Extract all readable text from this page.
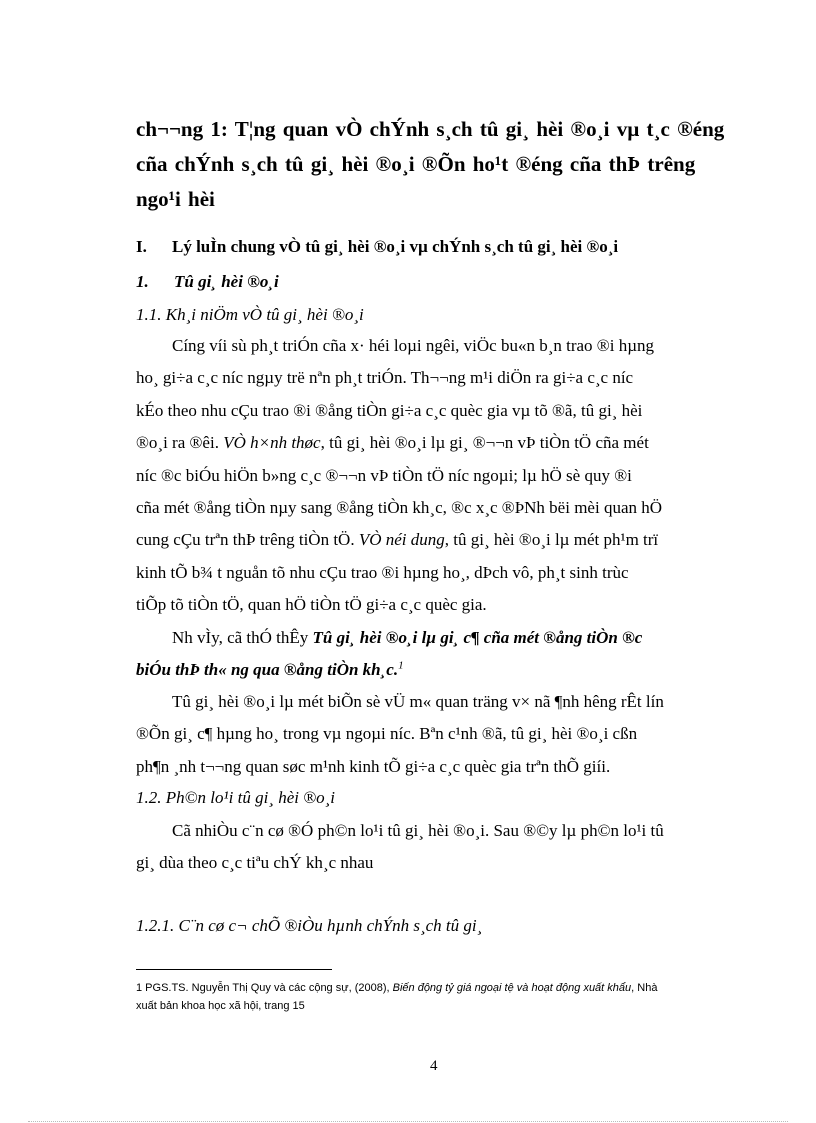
ch¬¬ng 1: T¦ng quan vÒ chÝnh s¸ch tû gi¸ hèi ®o¸i vµ t¸c ®éng
cña chÝnh s¸ch tû gi¸ hèi ®o¸i ®Õn ho¹t ®éng cña thÞ trêng
ngo¹i hèi
I. Lý luÌn chung vÒ tû gi¸ hèi ®o¸i vµ chÝnh s¸ch tû gi¸ hèi ®o¸i
1. Tû gi¸ hèi ®o¸i
1.1. Kh¸i niÖm vÒ tû gi¸ hèi ®o¸i
Cíng víi sù ph¸t triÓn cña x· héi loµi ngêi, viÖc bu«n b¸n trao ®i hµng
ho¸ gi÷a c¸c níc ngµy trë nªn ph¸t triÓn. Th¬¬ng m¹i diÖn ra gi÷a c¸c níc
kÉo theo nhu cÇu trao ®i ®ång tiÒn gi÷a c¸c quèc gia vµ tõ ®ã, tû gi¸ hèi
®o¸i ra ®êi. VÒ h×nh thøc, tû gi¸ hèi ®o¸i lµ gi¸ ®¬¬n vÞ tiÒn tÖ cña mét
níc ®c biÓu hiÖn b»ng c¸c ®¬¬n vÞ tiÒn tÖ níc ngoµi; lµ hÖ sè quy ®i
cña mét ®ång tiÒn nµy sang ®ång tiÒn kh¸c, ®c x¸c ®ÞNh bëi mèi quan hÖ
cung cÇu trªn thÞ trêng tiÒn tÖ. VÒ néi dung, tû gi¸ hèi ®o¸i lµ mét ph¹m trï
kinh tÕ b¾ t nguån tõ nhu cÇu trao ®i hµng ho¸, dÞch vô, ph¸t sinh trùc
tiÕp tõ tiÒn tÖ, quan hÖ tiÒn tÖ gi÷a c¸c quèc gia.
Nh vÌy, cã thÓ thÊy Tû gi¸ hèi ®o¸i lµ gi¸ c¶ cña mét ®ång tiÒn ®c
biÓu thÞ th« ng qua ®ång tiÒn kh¸c.$^1$
Tû gi¸ hèi ®o¸i lµ mét biÕn sè vÜ m« quan träng v× nã ¶nh hêng rÊt lín
®Õn gi¸ c¶ hµng ho¸ trong vµ ngoµi níc. Bªn c¹nh ®ã, tû gi¸ hèi ®o¸i cßn
ph¶n ¸nh t¬¬ng quan søc m¹nh kinh tÕ gi÷a c¸c quèc gia trªn thÕ giíi.
1.2. Ph©n lo¹i tû gi¸ hèi ®o¸i
Cã nhiÒu c¨n cø ®Ó ph©n lo¹i tû gi¸ hèi ®o¸i. Sau ®©y lµ ph©n lo¹i tû
gi¸ dùa theo c¸c tiªu chÝ kh¸c nhau
1.2.1. C¨n cø c¬ chÕ ®iÒu hµnh chÝnh s¸ch tû gi¸
1 PGS.TS. Nguyễn Thị Quy và các cộng sự, (2008), Biến động tỷ giá ngoại tệ và hoạt động xuất khẩu, Nhà
xuất bản khoa học xã hội, trang 15
4
